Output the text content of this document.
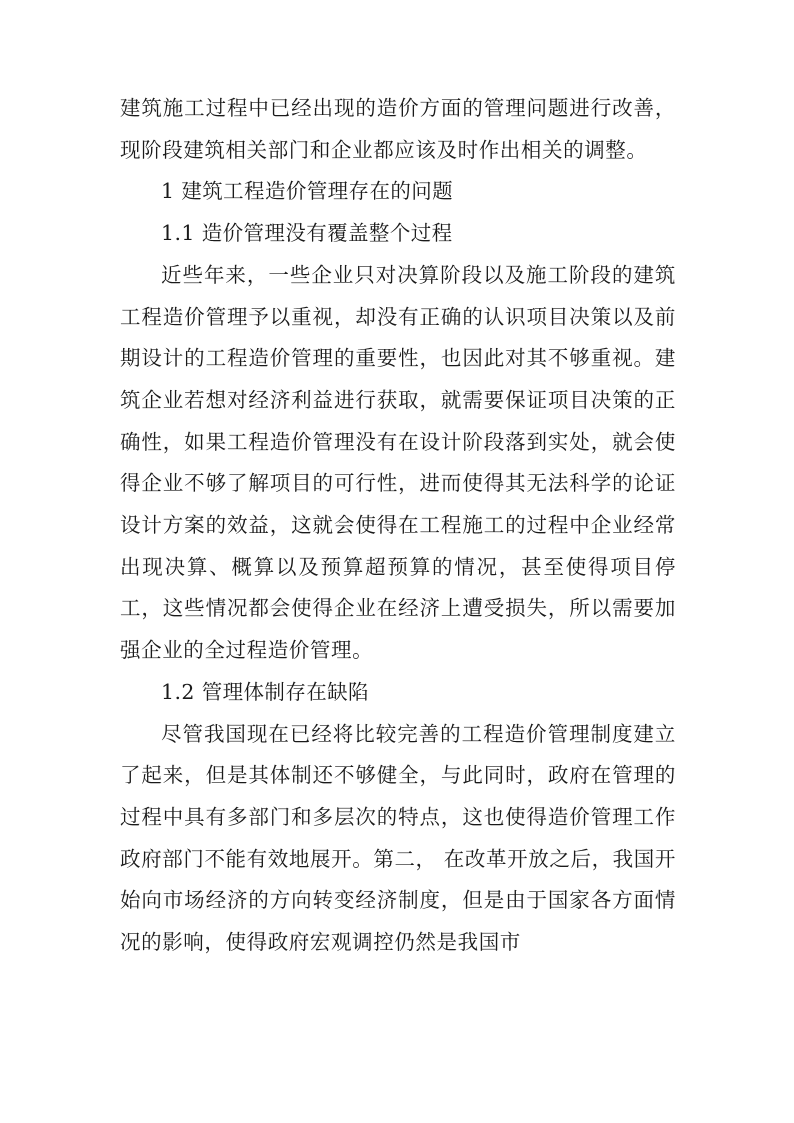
建筑施工过程中已经出现的造价方面的管理问题进行改善，现阶段建筑相关部门和企业都应该及时作出相关的调整。

1 建筑工程造价管理存在的问题

1.1 造价管理没有覆盖整个过程

近些年来，一些企业只对决算阶段以及施工阶段的建筑工程造价管理予以重视，却没有正确的认识项目决策以及前期设计的工程造价管理的重要性，也因此对其不够重视。建筑企业若想对经济利益进行获取，就需要保证项目决策的正确性，如果工程造价管理没有在设计阶段落到实处，就会使得企业不够了解项目的可行性，进而使得其无法科学的论证设计方案的效益，这就会使得在工程施工的过程中企业经常出现决算、概算以及预算超预算的情况，甚至使得项目停工，这些情况都会使得企业在经济上遭受损失，所以需要加强企业的全过程造价管理。

1.2 管理体制存在缺陷

尽管我国现在已经将比较完善的工程造价管理制度建立了起来，但是其体制还不够健全，与此同时，政府在管理的过程中具有多部门和多层次的特点，这也使得造价管理工作政府部门不能有效地展开。第二， 在改革开放之后，我国开始向市场经济的方向转变经济制度，但是由于国家各方面情况的影响，使得政府宏观调控仍然是我国市
